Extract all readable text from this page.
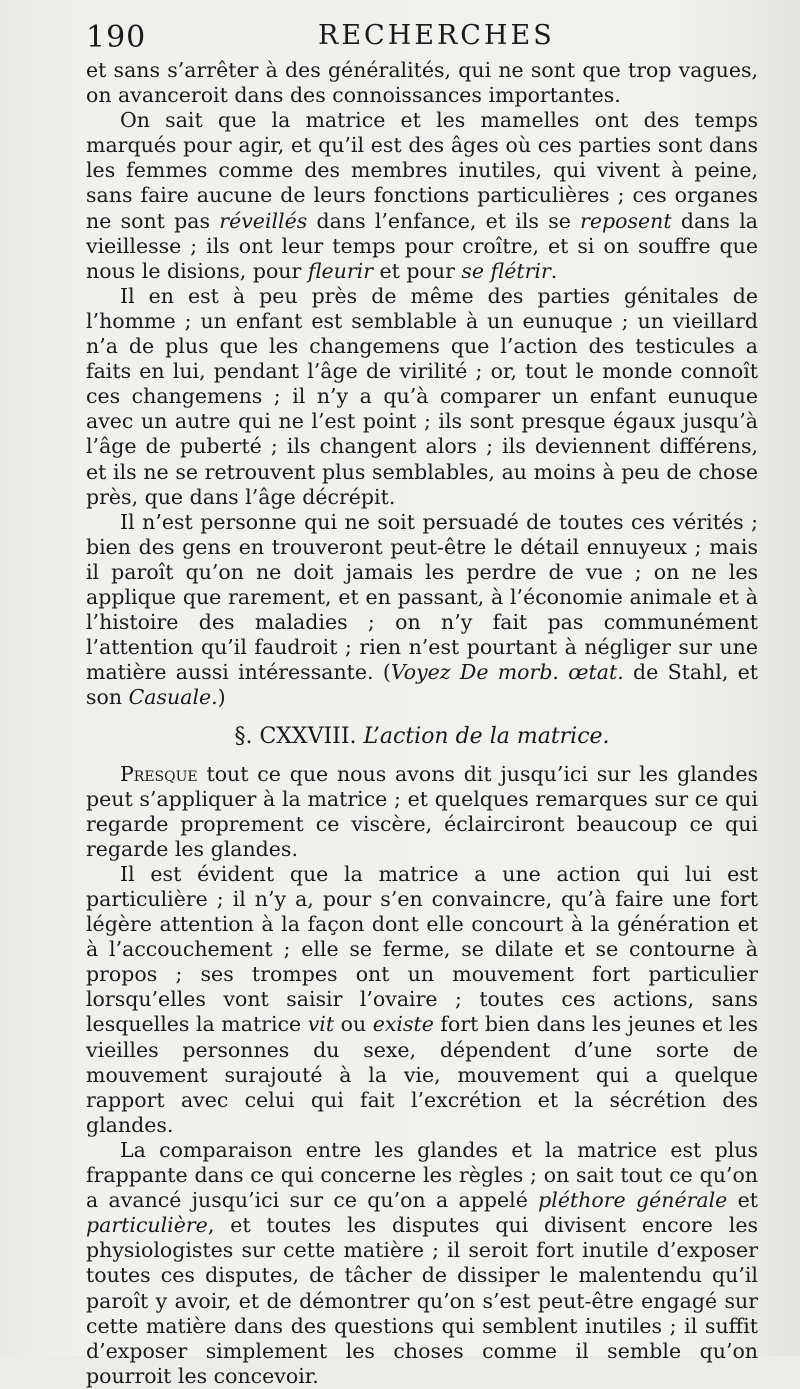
190	RECHERCHES

et sans s’arrêter à des généralités, qui ne sont que trop vagues, on avanceroit dans des connoissances importantes.

On sait que la matrice et les mamelles ont des temps marqués pour agir, et qu’il est des âges où ces parties sont dans les femmes comme des membres inutiles, qui vivent à peine, sans faire aucune de leurs fonctions particulières ; ces organes ne sont pas réveillés dans l’enfance, et ils se reposent dans la vieillesse ; ils ont leur temps pour croître, et si on souffre que nous le disions, pour fleurir et pour se flétrir.

Il en est à peu près de même des parties génitales de l’homme ; un enfant est semblable à un eunuque ; un vieillard n’a de plus que les changemens que l’action des testicules a faits en lui, pendant l’âge de virilité ; or, tout le monde connoît ces changemens ; il n’y a qu’à comparer un enfant eunuque avec un autre qui ne l’est point ; ils sont presque égaux jusqu’à l’âge de puberté ; ils changent alors ; ils deviennent différens, et ils ne se retrouvent plus semblables, au moins à peu de chose près, que dans l’âge décrépit.

Il n’est personne qui ne soit persuadé de toutes ces vérités ; bien des gens en trouveront peut-être le détail ennuyeux ; mais il paroît qu’on ne doit jamais les perdre de vue ; on ne les applique que rarement, et en passant, à l’économie animale et à l’histoire des maladies ; on n’y fait pas communément l’attention qu’il faudroit ; rien n’est pourtant à négliger sur une matière aussi intéressante. (Voyez De morb. œtat. de Stahl, et son Casuale.)

§. CXXVIII. L’action de la matrice.

Presque tout ce que nous avons dit jusqu’ici sur les glandes peut s’appliquer à la matrice ; et quelques remarques sur ce qui regarde proprement ce viscère, éclairciront beaucoup ce qui regarde les glandes.

Il est évident que la matrice a une action qui lui est particulière ; il n’y a, pour s’en convaincre, qu’à faire une fort légère attention à la façon dont elle concourt à la génération et à l’accouchement ; elle se ferme, se dilate et se contourne à propos ; ses trompes ont un mouvement fort particulier lorsqu’elles vont saisir l’ovaire ; toutes ces actions, sans lesquelles la matrice vit ou existe fort bien dans les jeunes et les vieilles personnes du sexe, dépendent d’une sorte de mouvement surajouté à la vie, mouvement qui a quelque rapport avec celui qui fait l’excrétion et la sécrétion des glandes.

La comparaison entre les glandes et la matrice est plus frappante dans ce qui concerne les règles ; on sait tout ce qu’on a avancé jusqu’ici sur ce qu’on a appelé pléthore générale et particulière, et toutes les disputes qui divisent encore les physiologistes sur cette matière ; il seroit fort inutile d’exposer toutes ces disputes, de tâcher de dissiper le malentendu qu’il paroît y avoir, et de démontrer qu’on s’est peut-être engagé sur cette matière dans des questions qui semblent inutiles ; il suffit d’exposer simplement les choses comme il semble qu’on pourroit les concevoir.
